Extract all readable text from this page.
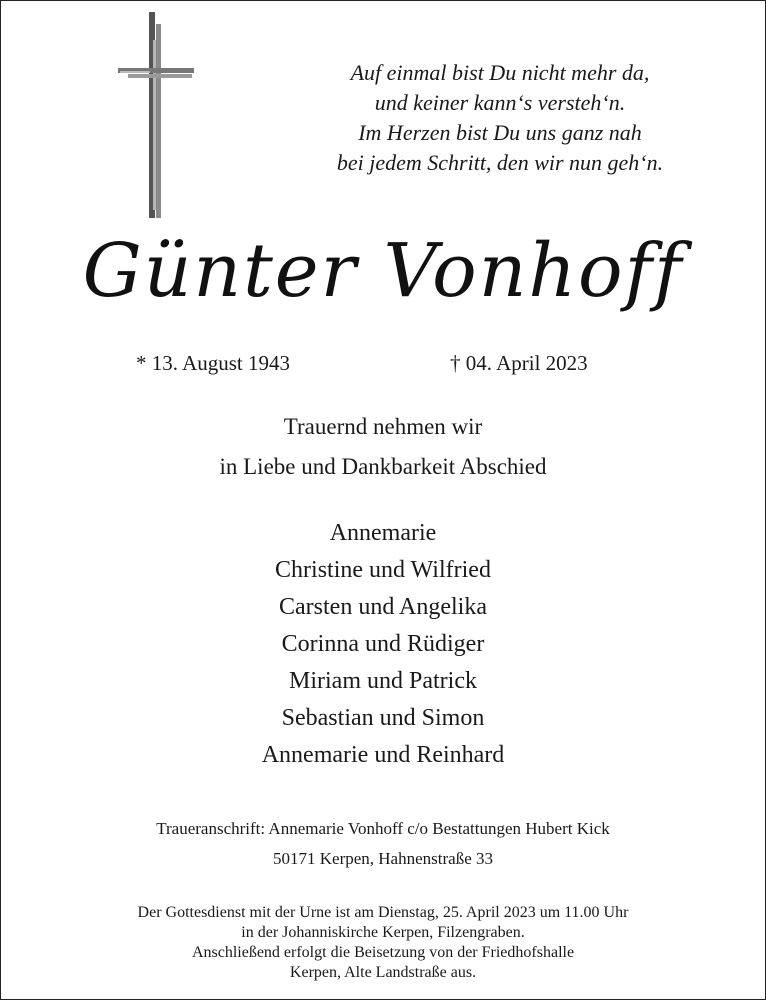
Auf einmal bist Du nicht mehr da,
und keiner kann‘s versteh‘n.
Im Herzen bist Du uns ganz nah
bei jedem Schritt, den wir nun geh‘n.
Günter Vonhoff
* 13. August 1943	† 04. April 2023
Trauernd nehmen wir
in Liebe und Dankbarkeit Abschied
Annemarie
Christine und Wilfried
Carsten und Angelika
Corinna und Rüdiger
Miriam und Patrick
Sebastian und Simon
Annemarie und Reinhard
Traueranschrift: Annemarie Vonhoff c/o Bestattungen Hubert Kick
50171 Kerpen, Hahnenstraße 33
Der Gottesdienst mit der Urne ist am Dienstag, 25. April 2023 um 11.00 Uhr
in der Johanniskirche Kerpen, Filzengraben.
Anschließend erfolgt die Beisetzung von der Friedhofshalle
Kerpen, Alte Landstraße aus.
